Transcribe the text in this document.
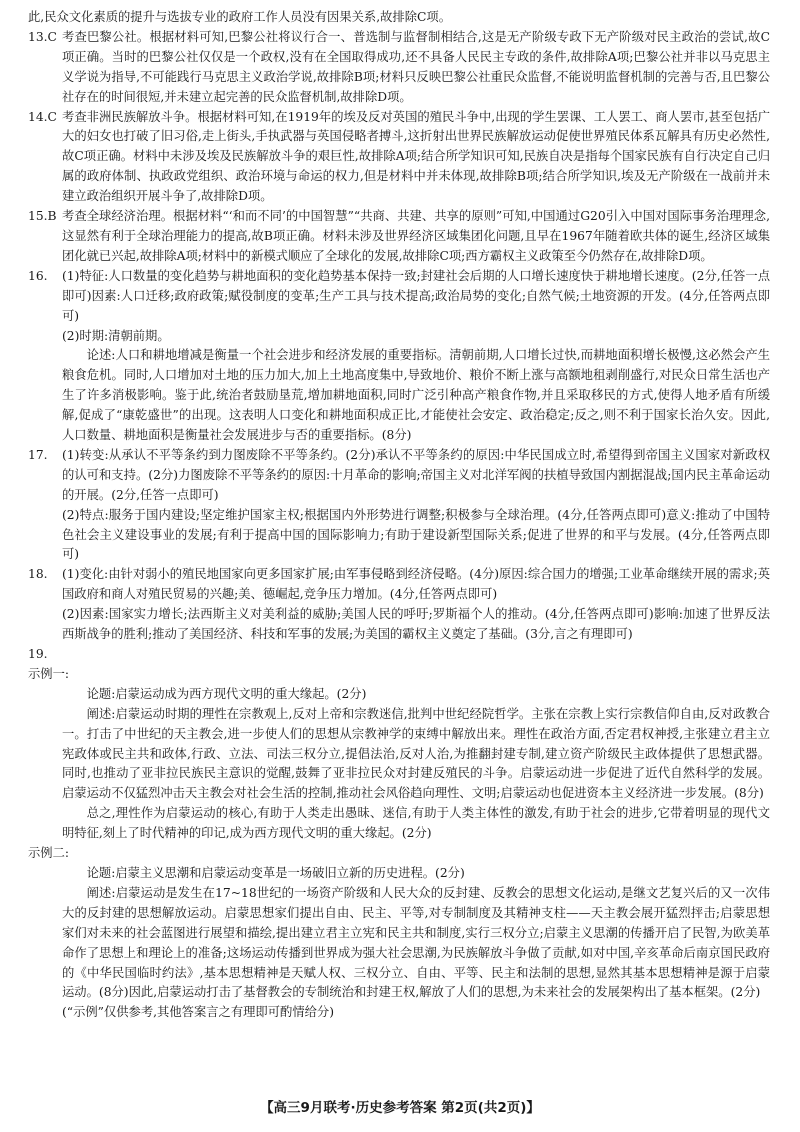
此,民众文化素质的提升与选拔专业的政府工作人员没有因果关系,故排除C项。

13.C 考查巴黎公社。根据材料可知,巴黎公社将议行合一、普选制与监督制相结合,这是无产阶级专政下无产阶级对民主政治的尝试,故C项正确。当时的巴黎公社仅仅是一个政权,没有在全国取得成功,还不具备人民民主专政的条件,故排除A项;巴黎公社并非以马克思主义学说为指导,不可能践行马克思主义政治学说,故排除B项;材料只反映巴黎公社重民众监督,不能说明监督机制的完善与否,且巴黎公社存在的时间很短,并未建立起完善的民众监督机制,故排除D项。

14.C 考查非洲民族解放斗争。根据材料可知,在1919年的埃及反对英国的殖民斗争中,出现的学生罢课、工人罢工、商人罢市,甚至包括广大的妇女也打破了旧习俗,走上街头,手执武器与英国侵略者搏斗,这折射出世界民族解放运动促使世界殖民体系瓦解具有历史必然性,故C项正确。材料中未涉及埃及民族解放斗争的艰巨性,故排除A项;结合所学知识可知,民族自决是指每个国家民族有自行决定自己归属的政府体制、执政政党组织、政治环境与命运的权力,但是材料中并未体现,故排除B项;结合所学知识,埃及无产阶级在一战前并未建立政治组织开展斗争了,故排除D项。

15.B 考查全球经济治理。根据材料“‘和而不同’的中国智慧”“共商、共建、共享的原则”可知,中国通过G20引入中国对国际事务治理理念,这显然有利于全球治理能力的提高,故B项正确。材料未涉及世界经济区域集团化问题,且早在1967年随着欧共体的诞生,经济区域集团化就已兴起,故排除A项;材料中的新模式顺应了全球化的发展,故排除C项;西方霸权主义政策至今仍然存在,故排除D项。

16.	(1)特征:人口数量的变化趋势与耕地面积的变化趋势基本保持一致;封建社会后期的人口增长速度快于耕地增长速度。(2分,任答一点即可)因素:人口迁移;政府政策;赋役制度的变革;生产工具与技术提高;政治局势的变化;自然气候;土地资源的开发。(4分,任答两点即可)

(2)时期:清朝前期。

论述:人口和耕地增减是衡量一个社会进步和经济发展的重要指标。清朝前期,人口增长过快,而耕地面积增长极慢,这必然会产生粮食危机。同时,人口增加对土地的压力加大,加上土地高度集中,导致地价、粮价不断上涨与高额地租剥削盛行,对民众日常生活也产生了许多消极影响。鉴于此,统治者鼓励垦荒,增加耕地面积,同时广泛引种高产粮食作物,并且采取移民的方式,使得人地矛盾有所缓解,促成了“康乾盛世”的出现。这表明人口变化和耕地面积成正比,才能使社会安定、政治稳定;反之,则不利于国家长治久安。因此,人口数量、耕地面积是衡量社会发展进步与否的重要指标。(8分)

17.	(1)转变:从承认不平等条约到力图废除不平等条约。(2分)承认不平等条约的原因:中华民国成立时,希望得到帝国主义国家对新政权的认可和支持。(2分)力图废除不平等条约的原因:十月革命的影响;帝国主义对北洋军阀的扶植导致国内割据混战;国内民主革命运动的开展。(2分,任答一点即可)

(2)特点:服务于国内建设;坚定维护国家主权;根据国内外形势进行调整;积极参与全球治理。(4分,任答两点即可)意义:推动了中国特色社会主义建设事业的发展;有利于提高中国的国际影响力;有助于建设新型国际关系;促进了世界的和平与发展。(4分,任答两点即可)

18.	(1)变化:由针对弱小的殖民地国家向更多国家扩展;由军事侵略到经济侵略。(4分)原因:综合国力的增强;工业革命继续开展的需求;英国政府和商人对殖民贸易的兴趣;美、德崛起,竞争压力增加。(4分,任答两点即可)

(2)因素:国家实力增长;法西斯主义对美利益的威胁;美国人民的呼吁;罗斯福个人的推动。(4分,任答两点即可)影响:加速了世界反法西斯战争的胜利;推动了美国经济、科技和军事的发展;为美国的霸权主义奠定了基础。(3分,言之有理即可)

19.

示例一:

论题:启蒙运动成为西方现代文明的重大缘起。(2分)

阐述:启蒙运动时期的理性在宗教观上,反对上帝和宗教迷信,批判中世纪经院哲学。主张在宗教上实行宗教信仰自由,反对政教合一。打击了中世纪的天主教会,进一步使人们的思想从宗教神学的束缚中解放出来。理性在政治方面,否定君权神授,主张建立君主立宪政体或民主共和政体,行政、立法、司法三权分立,提倡法治,反对人治,为推翻封建专制,建立资产阶级民主政体提供了思想武器。同时,也推动了亚非拉民族民主意识的觉醒,鼓舞了亚非拉民众对封建反殖民的斗争。启蒙运动进一步促进了近代自然科学的发展。启蒙运动不仅猛烈冲击天主教会对社会生活的控制,推动社会风俗趋向理性、文明;启蒙运动也促进资本主义经济进一步发展。(8分)

总之,理性作为启蒙运动的核心,有助于人类走出愚昧、迷信,有助于人类主体性的激发,有助于社会的进步,它带着明显的现代文明特征,刻上了时代精神的印记,成为西方现代文明的重大缘起。(2分)

示例二:

论题:启蒙主义思潮和启蒙运动变革是一场破旧立新的历史进程。(2分)

阐述:启蒙运动是发生在17~18世纪的一场资产阶级和人民大众的反封建、反教会的思想文化运动,是继文艺复兴后的又一次伟大的反封建的思想解放运动。启蒙思想家们提出自由、民主、平等,对专制制度及其精神支柱——天主教会展开猛烈抨击;启蒙思想家们对未来的社会蓝图进行展望和描绘,提出建立君主立宪和民主共和制度,实行三权分立;启蒙主义思潮的传播开启了民智,为欧美革命作了思想上和理论上的准备;这场运动传播到世界成为强大社会思潮,为民族解放斗争做了贡献,如对中国,辛亥革命后南京国民政府的《中华民国临时约法》,基本思想精神是天赋人权、三权分立、自由、平等、民主和法制的思想,显然其基本思想精神是源于启蒙运动。(8分)因此,启蒙运动打击了基督教会的专制统治和封建王权,解放了人们的思想,为未来社会的发展架构出了基本框架。(2分)

(“示例”仅供参考,其他答案言之有理即可酌情给分)

【高三9月联考·历史参考答案 第2页(共2页)】
